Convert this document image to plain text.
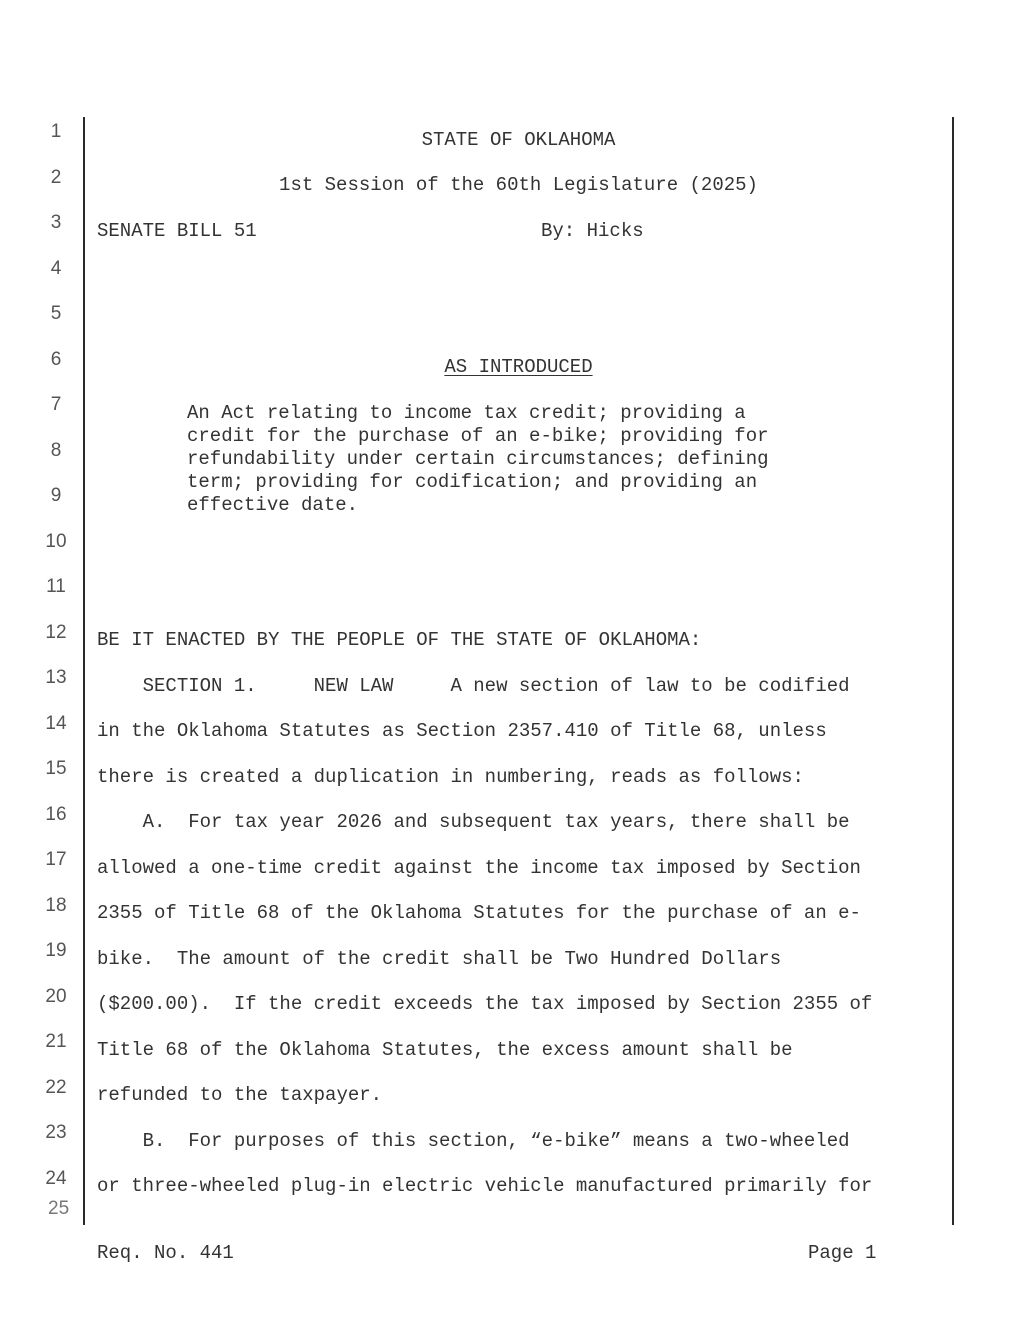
1
2
3
4
5
6
7
8
9
10
11
12
13
14
15
16
17
18
19
20
21
22
23
24
25
STATE OF OKLAHOMA
1st Session of the 60th Legislature (2025)
SENATE BILL 51	By: Hicks
AS INTRODUCED
An Act relating to income tax credit; providing a
credit for the purchase of an e-bike; providing for
refundability under certain circumstances; defining
term; providing for codification; and providing an
effective date.
BE IT ENACTED BY THE PEOPLE OF THE STATE OF OKLAHOMA:
SECTION 1.     NEW LAW     A new section of law to be codified
in the Oklahoma Statutes as Section 2357.410 of Title 68, unless
there is created a duplication in numbering, reads as follows:
A.  For tax year 2026 and subsequent tax years, there shall be
allowed a one-time credit against the income tax imposed by Section
2355 of Title 68 of the Oklahoma Statutes for the purchase of an e-
bike.  The amount of the credit shall be Two Hundred Dollars
($200.00).  If the credit exceeds the tax imposed by Section 2355 of
Title 68 of the Oklahoma Statutes, the excess amount shall be
refunded to the taxpayer.
B.  For purposes of this section, “e-bike” means a two-wheeled
or three-wheeled plug-in electric vehicle manufactured primarily for
Req. No. 441	Page 1
